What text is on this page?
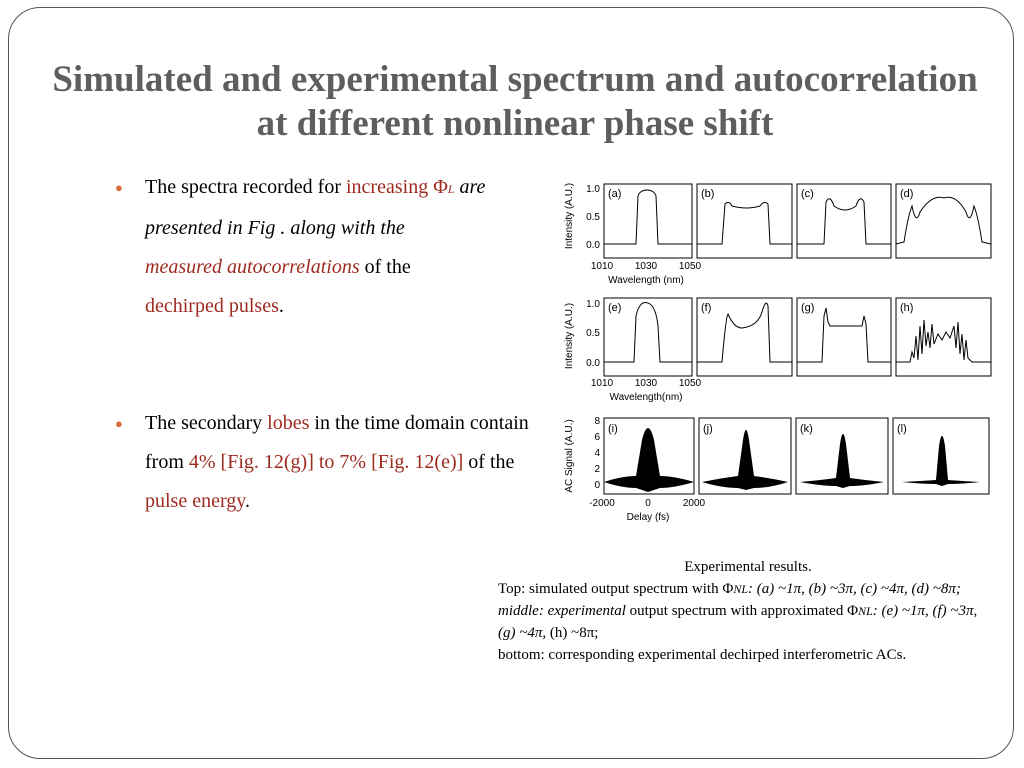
Simulated and experimental spectrum and autocorrelation at different nonlinear phase shift
● The spectra recorded for increasing ΦL are presented in Fig . along with the
measured autocorrelations of the
dechirped pulses.
● The secondary lobes in the time domain contain from 4% [Fig. 12(g)] to 7% [Fig. 12(e)] of the pulse energy.
Intensity (A.U.) 1.0
0.5
0.0
1010 1030 1050
Wavelength (nm)
(a)	(b)	(c)	(d)
Intensity (A.U.) 1.0
0.5
0.0
1010 1030 1050
Wavelength(nm)
(e)	(f)	(g)	(h)
AC Signal (A.U.) 8
6
4
2
0
-2000	0	2000
Delay (fs)
(i)	(j)	(k)	(l)
Experimental results.
Top: simulated output spectrum with ΦNL: (a) ~1π, (b) ~3π, (c) ~4π, (d) ~8π;
middle: experimental output spectrum with approximated ΦNL: (e) ~1π, (f) ~3π, (g) ~4π, (h) ~8π;
bottom: corresponding experimental dechirped interferometric ACs.
